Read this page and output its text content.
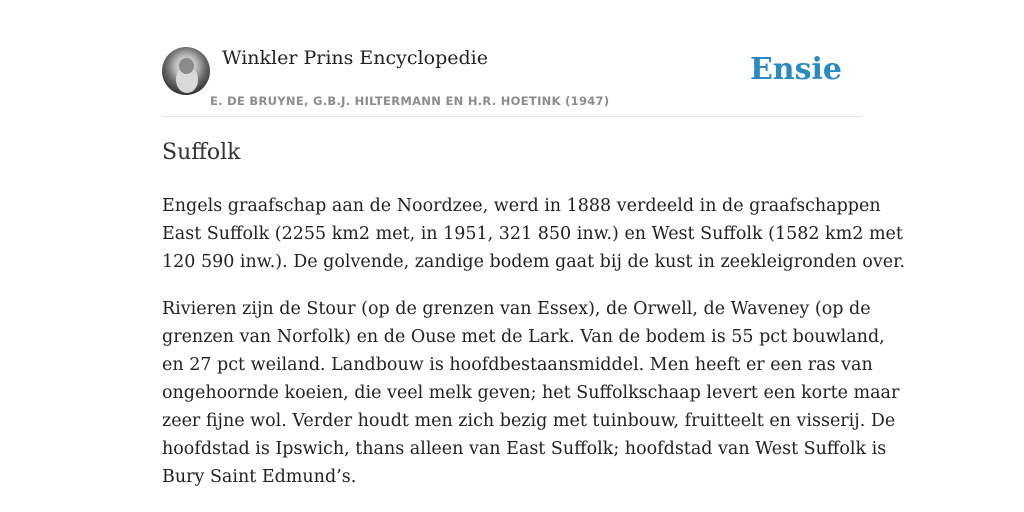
Winkler Prins Encyclopedie
E. DE BRUYNE, G.B.J. HILTERMANN EN H.R. HOETINK (1947)
Ensie
Suffolk

Engels graafschap aan de Noordzee, werd in 1888 verdeeld in de graafschappen
East Suffolk (2255 km2 met, in 1951, 321 850 inw.) en West Suffolk (1582 km2 met
120 590 inw.). De golvende, zandige bodem gaat bij de kust in zeekleigronden over.

Rivieren zijn de Stour (op de grenzen van Essex), de Orwell, de Waveney (op de
grenzen van Norfolk) en de Ouse met de Lark. Van de bodem is 55 pct bouwland,
en 27 pct weiland. Landbouw is hoofdbestaansmiddel. Men heeft er een ras van
ongehoornde koeien, die veel melk geven; het Suffolkschaap levert een korte maar
zeer fijne wol. Verder houdt men zich bezig met tuinbouw, fruitteelt en visserij. De
hoofdstad is Ipswich, thans alleen van East Suffolk; hoofdstad van West Suffolk is
Bury Saint Edmund’s.
